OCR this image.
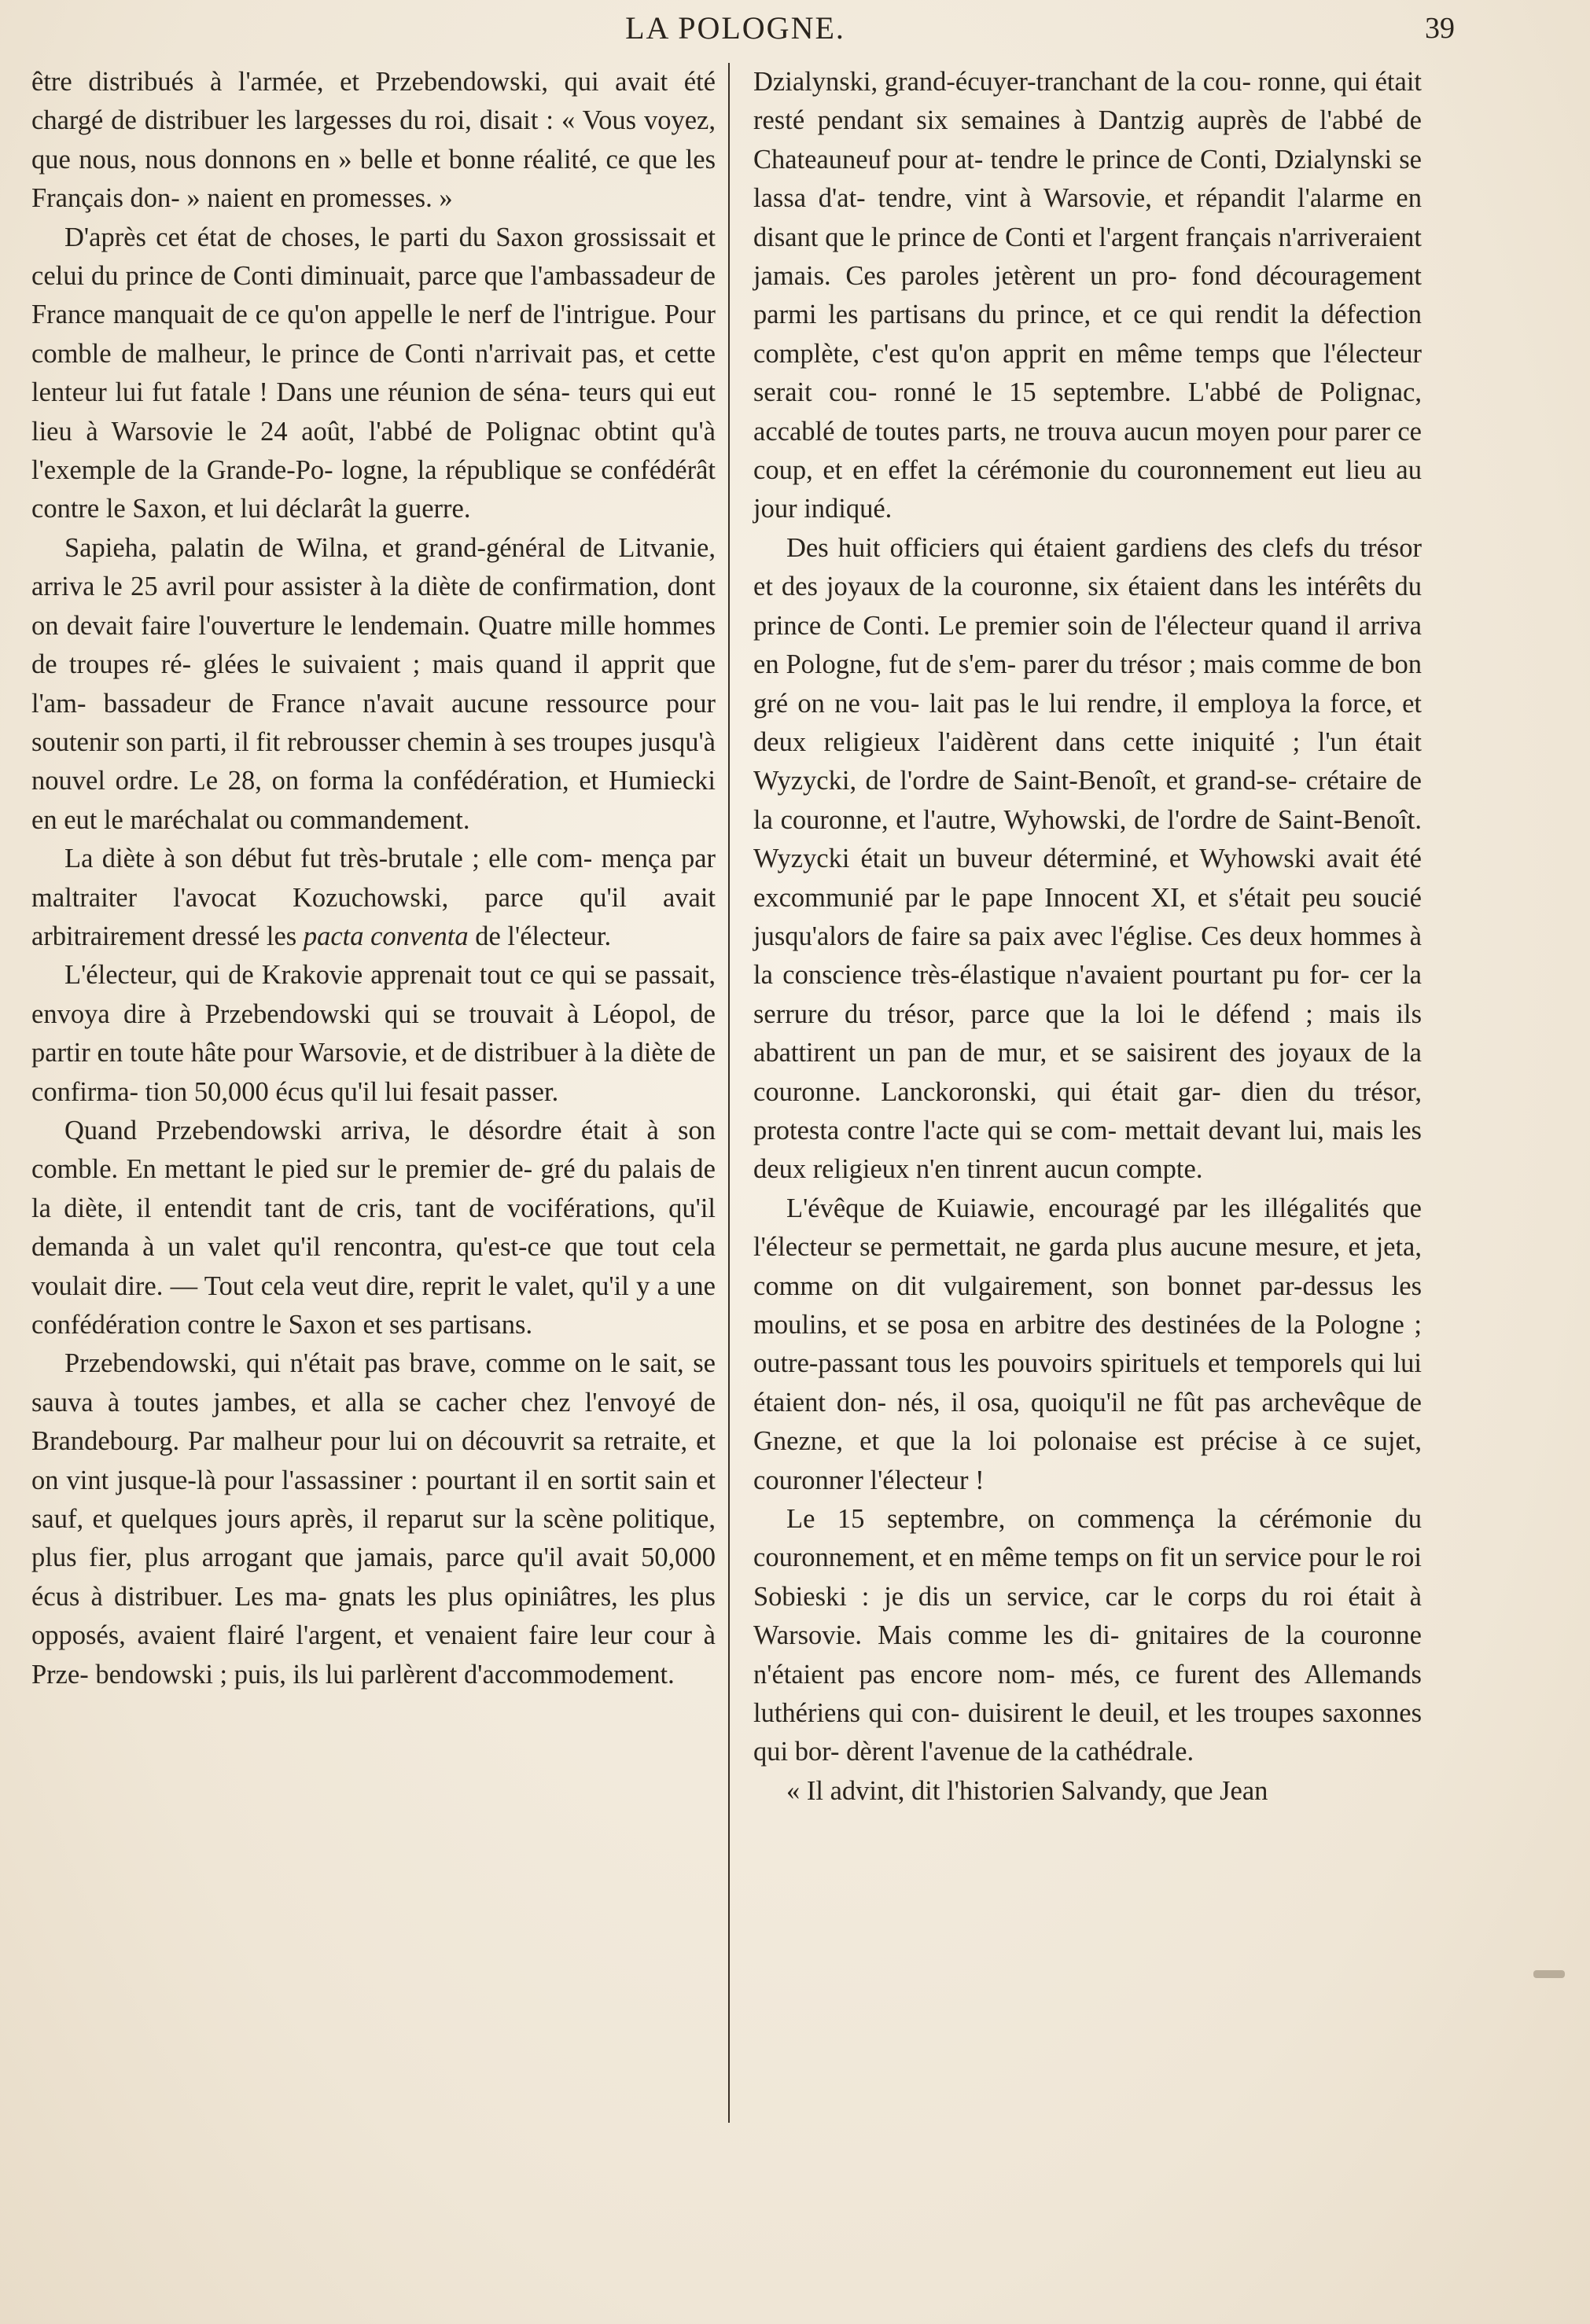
LA POLOGNE.	39

être distribués à l'armée, et Przebendowski, qui avait été chargé de distribuer les largesses du roi, disait : « Vous voyez, que nous, nous donnons en » belle et bonne réalité, ce que les Français don- » naient en promesses. »

D'après cet état de choses, le parti du Saxon grossissait et celui du prince de Conti diminuait, parce que l'ambassadeur de France manquait de ce qu'on appelle le nerf de l'intrigue. Pour comble de malheur, le prince de Conti n'arrivait pas, et cette lenteur lui fut fatale ! Dans une réunion de séna- teurs qui eut lieu à Warsovie le 24 août, l'abbé de Polignac obtint qu'à l'exemple de la Grande-Po- logne, la république se confédérât contre le Saxon, et lui déclarât la guerre.

Sapieha, palatin de Wilna, et grand-général de Litvanie, arriva le 25 avril pour assister à la diète de confirmation, dont on devait faire l'ouverture le lendemain. Quatre mille hommes de troupes ré- glées le suivaient ; mais quand il apprit que l'am- bassadeur de France n'avait aucune ressource pour soutenir son parti, il fit rebrousser chemin à ses troupes jusqu'à nouvel ordre. Le 28, on forma la confédération, et Humiecki en eut le maréchalat ou commandement.

La diète à son début fut très-brutale ; elle com- mença par maltraiter l'avocat Kozuchowski, parce qu'il avait arbitrairement dressé les pacta conventa de l'électeur.

L'électeur, qui de Krakovie apprenait tout ce qui se passait, envoya dire à Przebendowski qui se trouvait à Léopol, de partir en toute hâte pour Warsovie, et de distribuer à la diète de confirma- tion 50,000 écus qu'il lui fesait passer.

Quand Przebendowski arriva, le désordre était à son comble. En mettant le pied sur le premier de- gré du palais de la diète, il entendit tant de cris, tant de vociférations, qu'il demanda à un valet qu'il rencontra, qu'est-ce que tout cela voulait dire. — Tout cela veut dire, reprit le valet, qu'il y a une confédération contre le Saxon et ses partisans.

Przebendowski, qui n'était pas brave, comme on le sait, se sauva à toutes jambes, et alla se cacher chez l'envoyé de Brandebourg. Par malheur pour lui on découvrit sa retraite, et on vint jusque-là pour l'assassiner : pourtant il en sortit sain et sauf, et quelques jours après, il reparut sur la scène politique, plus fier, plus arrogant que jamais, parce qu'il avait 50,000 écus à distribuer. Les ma- gnats les plus opiniâtres, les plus opposés, avaient flairé l'argent, et venaient faire leur cour à Prze- bendowski ; puis, ils lui parlèrent d'accommodement.

Dzialynski, grand-écuyer-tranchant de la cou- ronne, qui était resté pendant six semaines à Dantzig auprès de l'abbé de Chateauneuf pour at- tendre le prince de Conti, Dzialynski se lassa d'at- tendre, vint à Warsovie, et répandit l'alarme en disant que le prince de Conti et l'argent français n'arriveraient jamais. Ces paroles jetèrent un pro- fond découragement parmi les partisans du prince, et ce qui rendit la défection complète, c'est qu'on apprit en même temps que l'électeur serait cou- ronné le 15 septembre. L'abbé de Polignac, accablé de toutes parts, ne trouva aucun moyen pour parer ce coup, et en effet la cérémonie du couronnement eut lieu au jour indiqué.

Des huit officiers qui étaient gardiens des clefs du trésor et des joyaux de la couronne, six étaient dans les intérêts du prince de Conti. Le premier soin de l'électeur quand il arriva en Pologne, fut de s'em- parer du trésor ; mais comme de bon gré on ne vou- lait pas le lui rendre, il employa la force, et deux religieux l'aidèrent dans cette iniquité ; l'un était Wyzycki, de l'ordre de Saint-Benoît, et grand-se- crétaire de la couronne, et l'autre, Wyhowski, de l'ordre de Saint-Benoît. Wyzycki était un buveur déterminé, et Wyhowski avait été excommunié par le pape Innocent XI, et s'était peu soucié jusqu'alors de faire sa paix avec l'église. Ces deux hommes à la conscience très-élastique n'avaient pourtant pu for- cer la serrure du trésor, parce que la loi le défend ; mais ils abattirent un pan de mur, et se saisirent des joyaux de la couronne. Lanckoronski, qui était gar- dien du trésor, protesta contre l'acte qui se com- mettait devant lui, mais les deux religieux n'en tinrent aucun compte.

L'évêque de Kuiawie, encouragé par les illégalités que l'électeur se permettait, ne garda plus aucune mesure, et jeta, comme on dit vulgairement, son bonnet par-dessus les moulins, et se posa en arbitre des destinées de la Pologne ; outre-passant tous les pouvoirs spirituels et temporels qui lui étaient don- nés, il osa, quoiqu'il ne fût pas archevêque de Gnezne, et que la loi polonaise est précise à ce sujet, couronner l'électeur !

Le 15 septembre, on commença la cérémonie du couronnement, et en même temps on fit un service pour le roi Sobieski : je dis un service, car le corps du roi était à Warsovie. Mais comme les di- gnitaires de la couronne n'étaient pas encore nom- més, ce furent des Allemands luthériens qui con- duisirent le deuil, et les troupes saxonnes qui bor- dèrent l'avenue de la cathédrale.

« Il advint, dit l'historien Salvandy, que Jean
